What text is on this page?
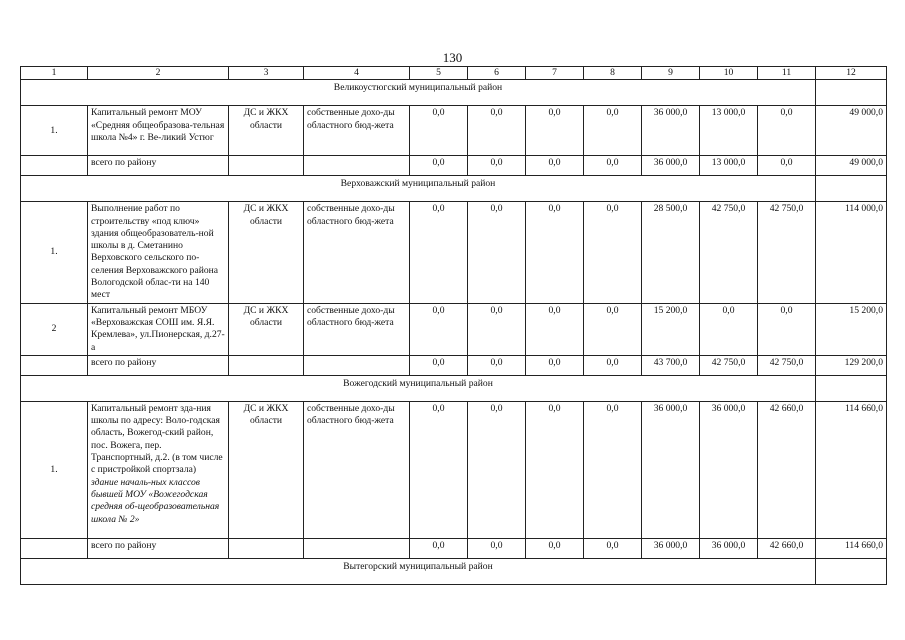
130
1	2	3	4	5	6	7	8	9	10	11	12
Великоустюгский муниципальный район											
1.	Капитальный ремонт МОУ «Средняя общеобразова-тельная школа №4» г. Ве-ликий Устюг	ДС и ЖКХ области	собственные дохо-ды областного бюд-жета	0,0	0,0	0,0	0,0	36 000,0	13 000,0	0,0	49 000,0
	всего по району			0,0	0,0	0,0	0,0	36 000,0	13 000,0	0,0	49 000,0
Верховажский муниципальный район											
1.	Выполнение работ по строительству «под ключ» здания общеобразователь-ной школы в д. Сметанино Верховского сельского по-селения Верховажского района Вологодской облас-ти на 140 мест	ДС и ЖКХ области	собственные дохо-ды областного бюд-жета	0,0	0,0	0,0	0,0	28 500,0	42 750,0	42 750,0	114 000,0
2	Капитальный ремонт МБОУ «Верховажская СОШ им. Я.Я. Кремлева», ул.Пионерская, д.27-а	ДС и ЖКХ области	собственные дохо-ды областного бюд-жета	0,0	0,0	0,0	0,0	15 200,0	0,0	0,0	15 200,0
	всего по району			0,0	0,0	0,0	0,0	43 700,0	42 750,0	42 750,0	129 200,0
Вожегодский муниципальный район											
1.	Капитальный ремонт зда-ния школы по адресу: Воло-годская область, Вожегод-ский район, пос. Вожега, пер. Транспортный, д.2. (в том числе с пристройкой спортзала) здание началь-ных классов бывшей МОУ «Вожегодская средняя об-щеобразовательная школа № 2»	ДС и ЖКХ области	собственные дохо-ды областного бюд-жета	0,0	0,0	0,0	0,0	36 000,0	36 000,0	42 660,0	114 660,0
	всего по району			0,0	0,0	0,0	0,0	36 000,0	36 000,0	42 660,0	114 660,0
Вытегорский муниципальный район											
